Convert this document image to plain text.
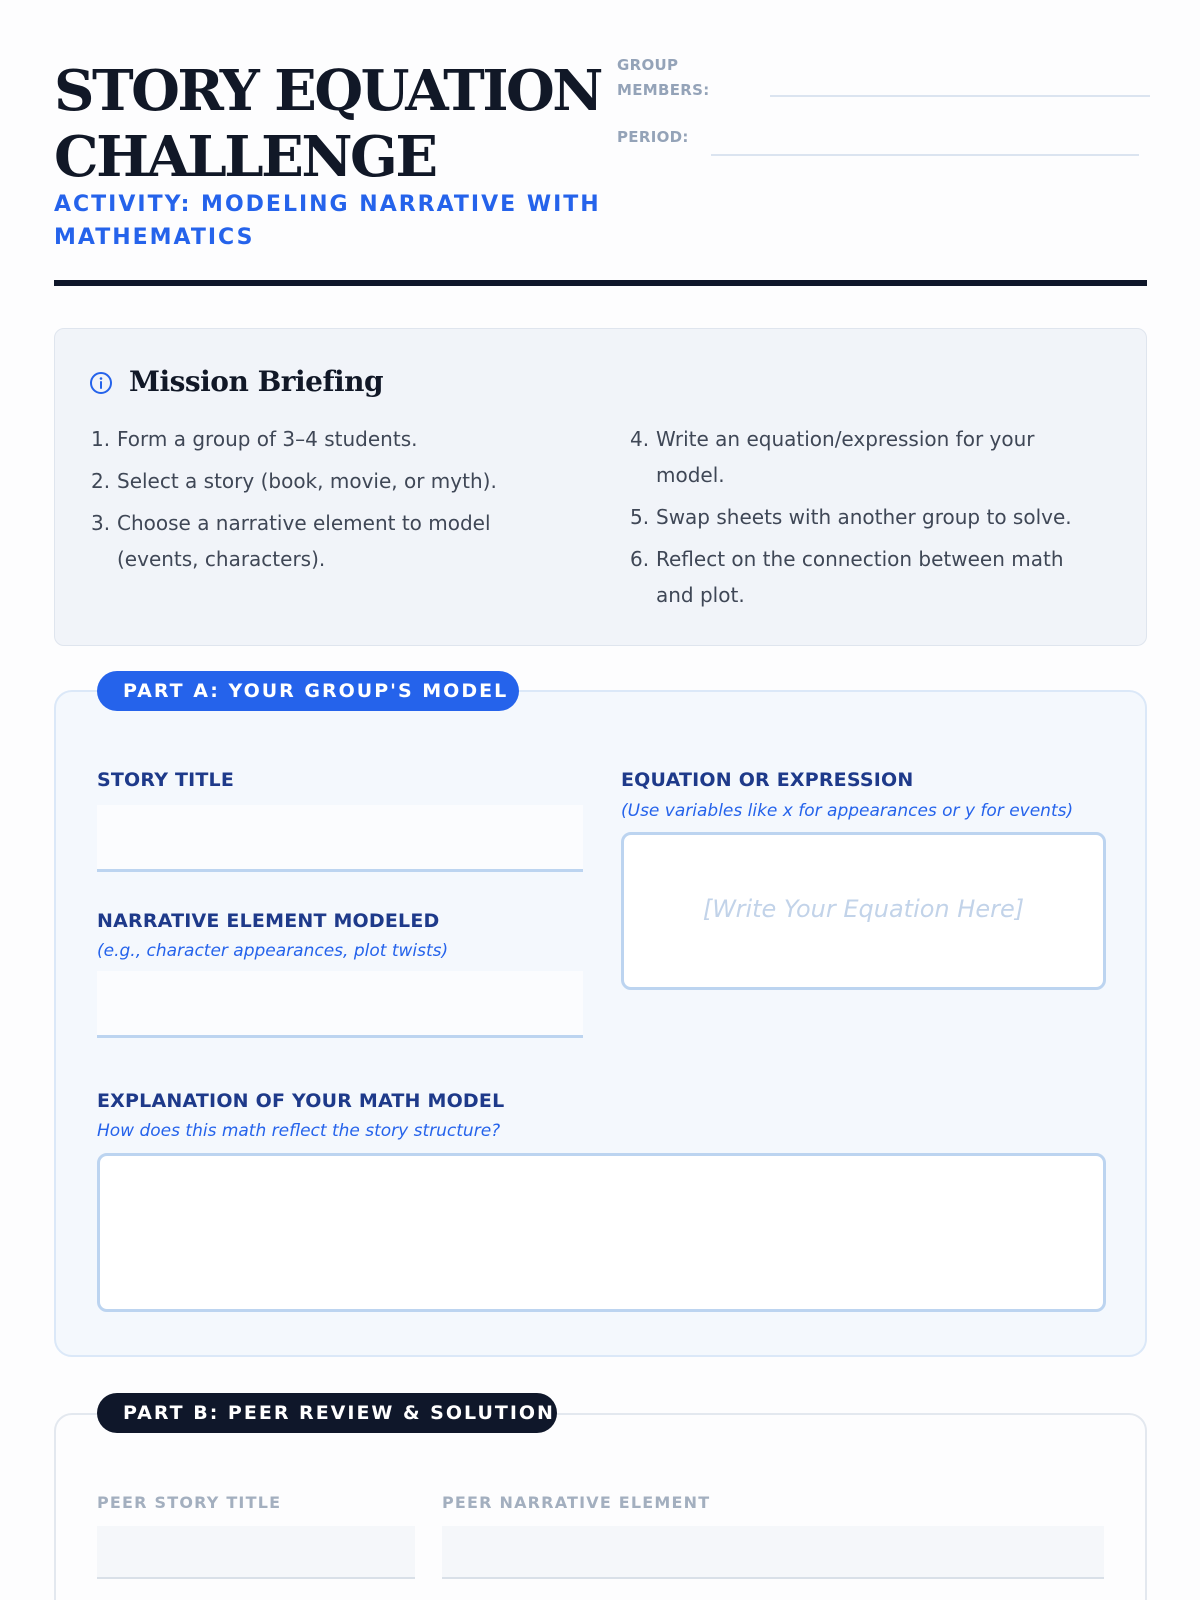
STORY EQUATION CHALLENGE
ACTIVITY: MODELING NARRATIVE WITH MATHEMATICS
GROUP MEMBERS:
PERIOD:
Mission Briefing
1. Form a group of 3–4 students.
2. Select a story (book, movie, or myth).
3. Choose a narrative element to model (events, characters).
4. Write an equation/expression for your model.
5. Swap sheets with another group to solve.
6. Reflect on the connection between math and plot.
PART A: YOUR GROUP'S MODEL
STORY TITLE
NARRATIVE ELEMENT MODELED
(e.g., character appearances, plot twists)
EQUATION OR EXPRESSION
(Use variables like x for appearances or y for events)
[Write Your Equation Here]
EXPLANATION OF YOUR MATH MODEL
How does this math reflect the story structure?
PART B: PEER REVIEW & SOLUTION
PEER STORY TITLE	PEER NARRATIVE ELEMENT
